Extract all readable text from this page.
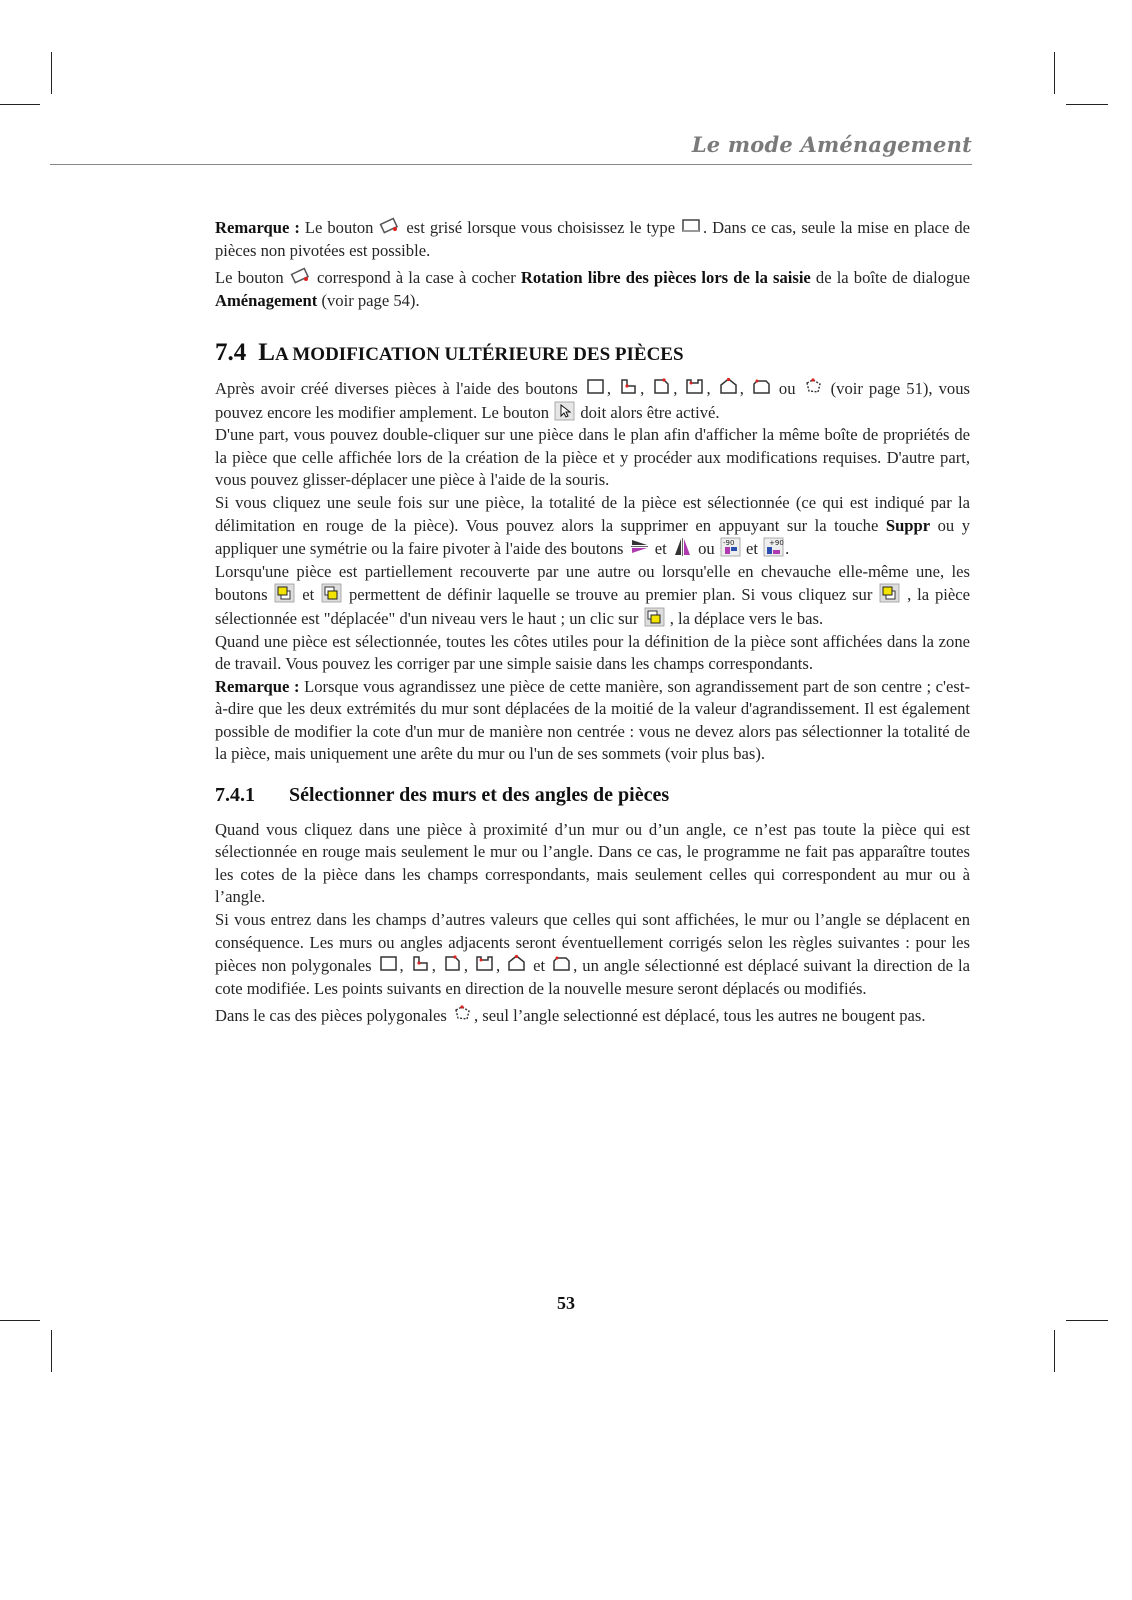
Le mode Aménagement

Remarque : Le bouton
est grisé lorsque vous choisissez le type
. Dans ce cas, seule la mise en place de pièces non pivotées est possible.

Le bouton
correspond à la case à cocher Rotation libre des pièces lors de la saisie de la boîte de dialogue Aménagement (voir page 54).

7.4 LA MODIFICATION ULTÉRIEURE DES PIÈCES

Après avoir créé diverses pièces à l'aide des boutons
, , , , ,
ou
(voir page 51), vous pouvez encore les modifier amplement. Le bouton
doit alors être activé.

D'une part, vous pouvez double-cliquer sur une pièce dans le plan afin d'afficher la même boîte de propriétés de la pièce que celle affichée lors de la création de la pièce et y procéder aux modifications requises. D'autre part, vous pouvez glisser-déplacer une pièce à l'aide de la souris.

Si vous cliquez une seule fois sur une pièce, la totalité de la pièce est sélectionnée (ce qui est indiqué par la délimitation en rouge de la pièce). Vous pouvez alors la supprimer en appuyant sur la touche Suppr ou y appliquer une symétrie ou la faire pivoter à l'aide des boutons
et
ou -90 et +90 .

Lorsqu'une pièce est partiellement recouverte par une autre ou lorsqu'elle en chevauche elle-même une, les boutons
et
permettent de définir laquelle se trouve au premier plan. Si vous cliquez sur
, la pièce sélectionnée est "déplacée" d'un niveau vers le haut ; un clic sur
, la déplace vers le bas.

Quand une pièce est sélectionnée, toutes les côtes utiles pour la définition de la pièce sont affichées dans la zone de travail. Vous pouvez les corriger par une simple saisie dans les champs correspondants.

Remarque : Lorsque vous agrandissez une pièce de cette manière, son agrandissement part de son centre ; c'est-à-dire que les deux extrémités du mur sont déplacées de la moitié de la valeur d'agrandissement. Il est également possible de modifier la cote d'un mur de manière non centrée : vous ne devez alors pas sélectionner la totalité de la pièce, mais uniquement une arête du mur ou l'un de ses sommets (voir plus bas).

7.4.1 Sélectionner des murs et des angles de pièces

Quand vous cliquez dans une pièce à proximité d’un mur ou d’un angle, ce n’est pas toute la pièce qui est sélectionnée en rouge mais seulement le mur ou l’angle. Dans ce cas, le programme ne fait pas apparaître toutes les cotes de la pièce dans les champs correspondants, mais seulement celles qui correspondent au mur ou à l’angle.

Si vous entrez dans les champs d’autres valeurs que celles qui sont affichées, le mur ou l’angle se déplacent en conséquence. Les murs ou angles adjacents seront éventuellement corrigés selon les règles suivantes : pour les pièces non polygonales
, , , ,
et
, un angle sélectionné est déplacé suivant la direction de la cote modifiée. Les points suivants en direction de la nouvelle mesure seront déplacés ou modifiés.

Dans le cas des pièces polygonales
, seul l’angle selectionné est déplacé, tous les autres ne bougent pas.

53
